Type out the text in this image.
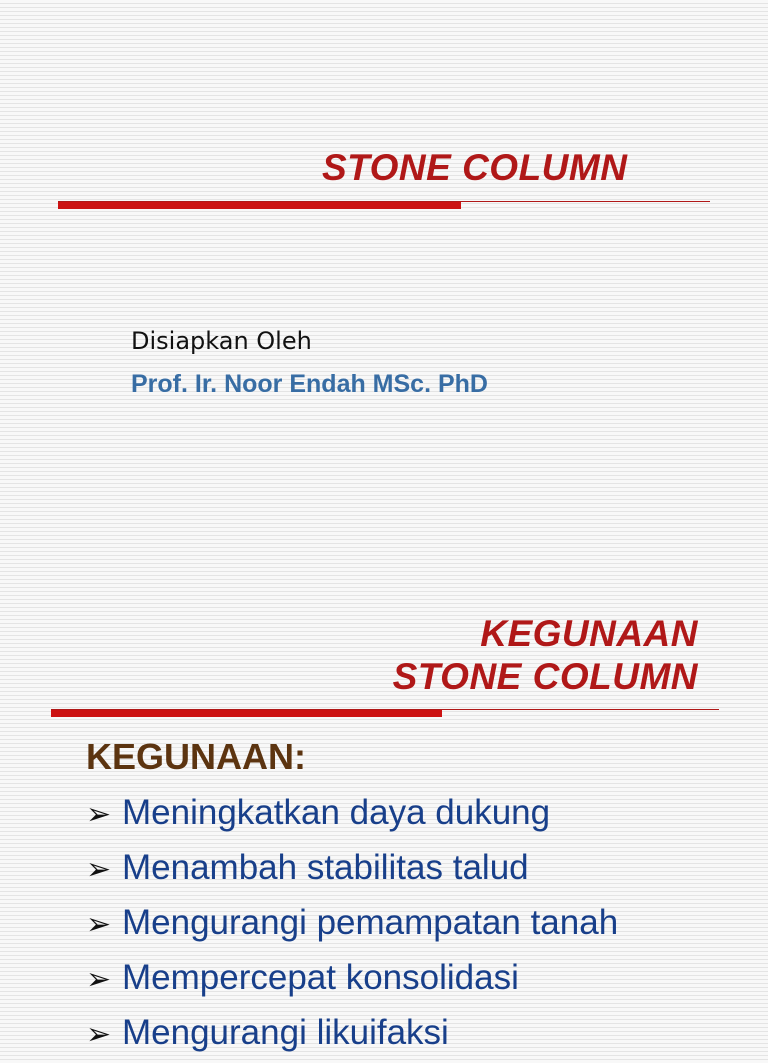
STONE COLUMN
Disiapkan Oleh
Prof. Ir. Noor Endah MSc. PhD
KEGUNAAN
STONE COLUMN
KEGUNAAN:
➢ Meningkatkan daya dukung
➢ Menambah stabilitas talud
➢ Mengurangi pemampatan tanah
➢ Mempercepat konsolidasi
➢ Mengurangi likuifaksi
